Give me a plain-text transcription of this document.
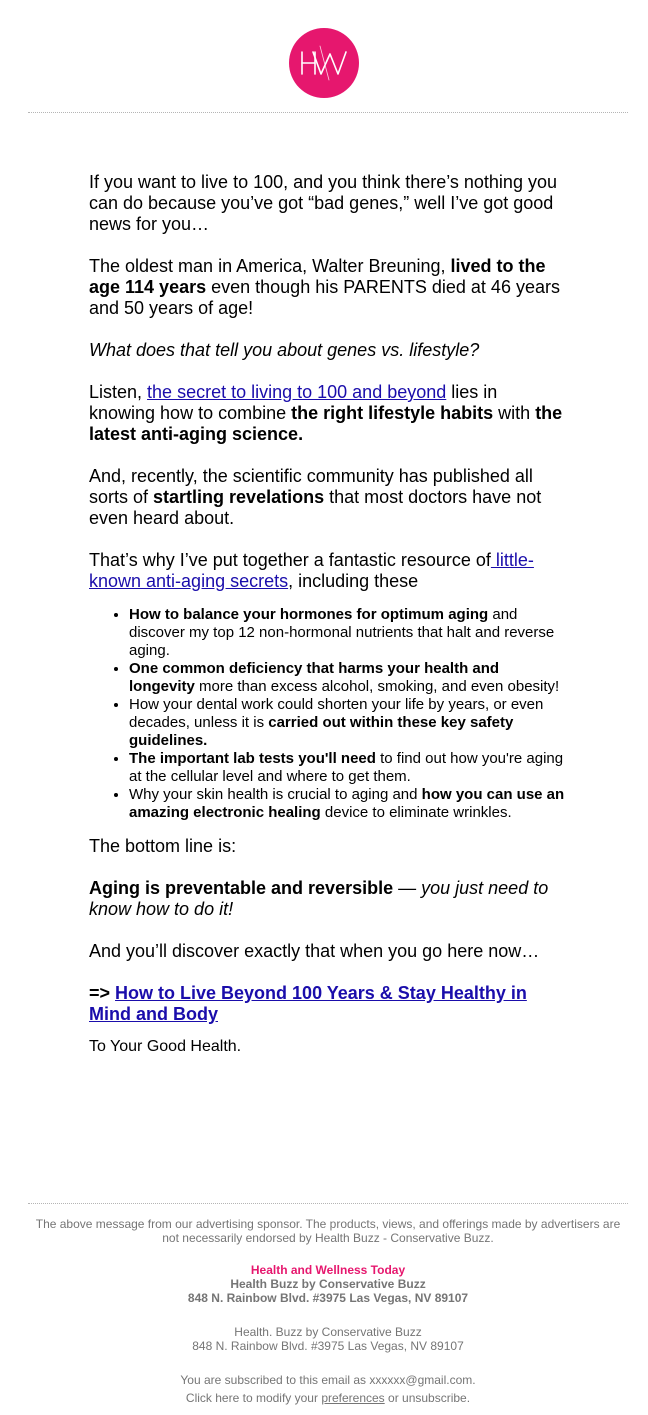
If you want to live to 100, and you think there’s nothing you can do because you’ve got “bad genes,” well I’ve got good news for you…

The oldest man in America, Walter Breuning, lived to the age 114 years even though his PARENTS died at 46 years and 50 years of age!

What does that tell you about genes vs. lifestyle?

Listen, the secret to living to 100 and beyond lies in knowing how to combine the right lifestyle habits with the latest anti-aging science.

And, recently, the scientific community has published all sorts of startling revelations that most doctors have not even heard about.

That’s why I’ve put together a fantastic resource of little-known anti-aging secrets, including these

• How to balance your hormones for optimum aging and discover my top 12 non-hormonal nutrients that halt and reverse aging.
• One common deficiency that harms your health and longevity more than excess alcohol, smoking, and even obesity!
• How your dental work could shorten your life by years, or even decades, unless it is carried out within these key safety guidelines.
• The important lab tests you'll need to find out how you're aging at the cellular level and where to get them.
• Why your skin health is crucial to aging and how you can use an amazing electronic healing device to eliminate wrinkles.

The bottom line is:

Aging is preventable and reversible — you just need to know how to do it!

And you’ll discover exactly that when you go here now…

=> How to Live Beyond 100 Years & Stay Healthy in Mind and Body

To Your Good Health.

The above message from our advertising sponsor. The products, views, and offerings made by advertisers are not necessarily endorsed by Health Buzz - Conservative Buzz.

Health and Wellness Today

Health Buzz by Conservative Buzz

848 N. Rainbow Blvd. #3975 Las Vegas, NV 89107

Health. Buzz by Conservative Buzz

848 N. Rainbow Blvd. #3975 Las Vegas, NV 89107

You are subscribed to this email as xxxxxx@gmail.com.

Click here to modify your preferences or unsubscribe.
